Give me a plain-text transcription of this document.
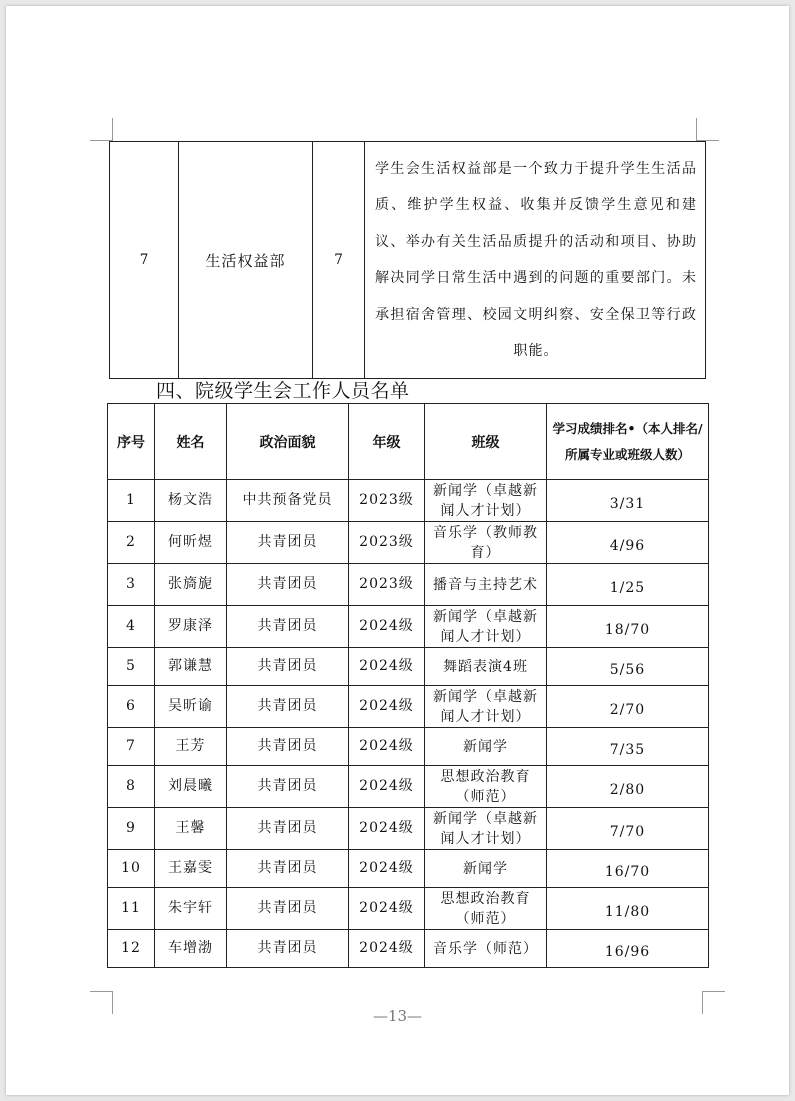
7	生活权益部	7	学生会生活权益部是一个致力于提升学生生活品质、维护学生权益、收集并反馈学生意见和建议、举办有关生活品质提升的活动和项目、协助解决同学日常生活中遇到的问题的重要部门。未承担宿舍管理、校园文明纠察、安全保卫等行政职能。
四、院级学生会工作人员名单
序号	姓名	政治面貌	年级	班级	学习成绩排名•（本人排名/所属专业或班级人数）
1	杨文浩	中共预备党员	2023级	新闻学（卓越新闻人才计划）	3/31
2	何昕煜	共青团员	2023级	音乐学（教师教育）	4/96
3	张旖旎	共青团员	2023级	播音与主持艺术	1/25
4	罗康泽	共青团员	2024级	新闻学（卓越新闻人才计划）	18/70
5	郭谦慧	共青团员	2024级	舞蹈表演4班	5/56
6	吴昕谕	共青团员	2024级	新闻学（卓越新闻人才计划）	2/70
7	王芳	共青团员	2024级	新闻学	7/35
8	刘晨曦	共青团员	2024级	思想政治教育（师范）	2/80
9	王馨	共青团员	2024级	新闻学（卓越新闻人才计划）	7/70
10	王嘉雯	共青团员	2024级	新闻学	16/70
11	朱宇轩	共青团员	2024级	思想政治教育（师范）	11/80
12	车增渤	共青团员	2024级	音乐学（师范）	16/96
—13—
